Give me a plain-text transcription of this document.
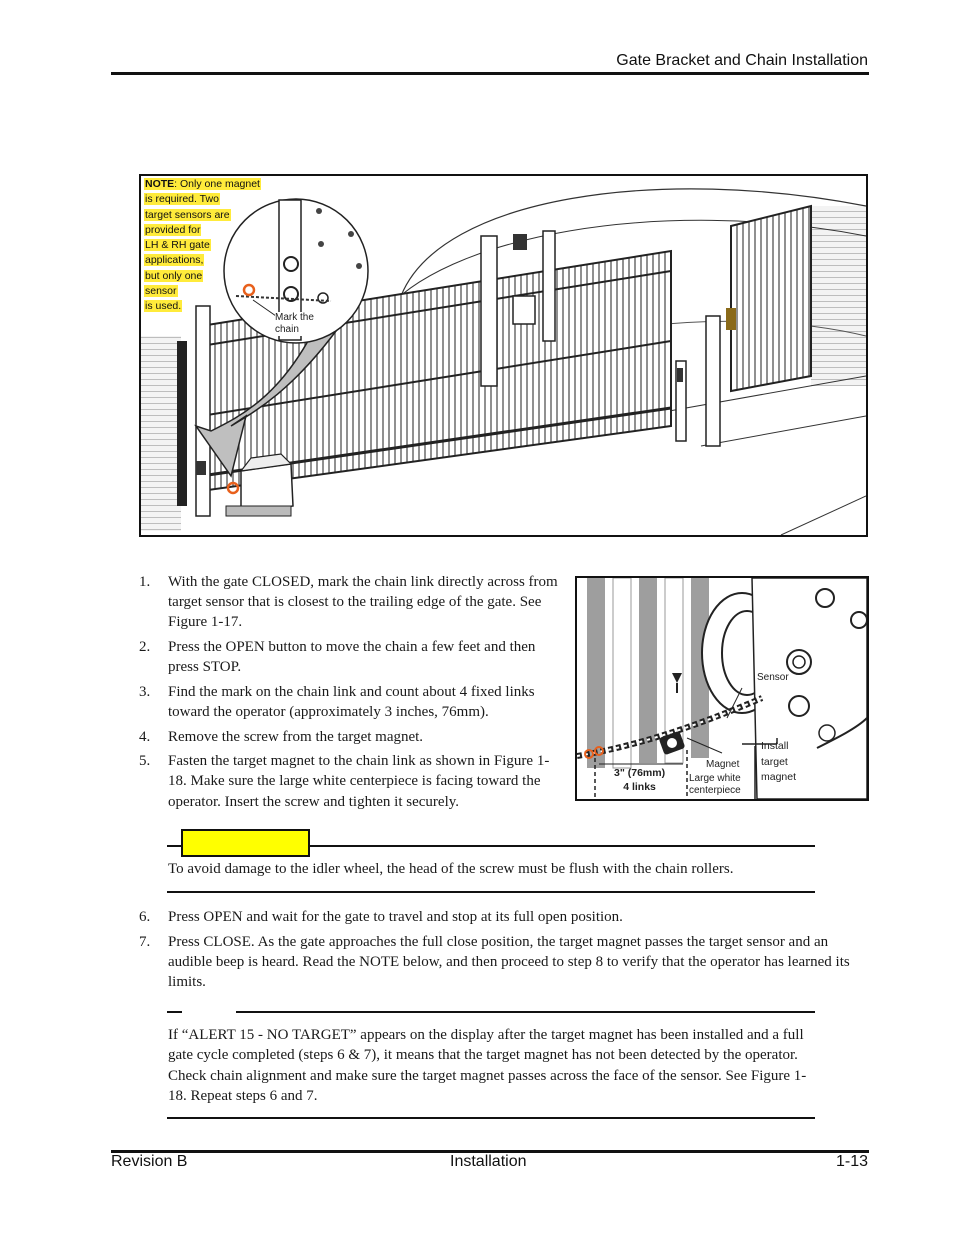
Gate Bracket and Chain Installation
NOTE: Only one magnet
is required. Two
target sensors are
provided for
LH & RH gate
applications,
but only one
sensor
is used.
Mark the
chain
1. With the gate CLOSED, mark the chain link directly across from target sensor that is closest to the trailing edge of the gate. See Figure 1-17.
2. Press the OPEN button to move the chain a few feet and then press STOP.
3. Find the mark on the chain link and count about 4 fixed links toward the operator (approximately 3 inches, 76mm).
4. Remove the screw from the target magnet.
5. Fasten the target magnet to the chain link as shown in Figure 1-18. Make sure the large white centerpiece is facing toward the operator. Insert the screw and tighten it securely.
Sensor
Install
target
magnet
Magnet
Large white
centerpiece
3" (76mm)
4 links
To avoid damage to the idler wheel, the head of the screw must be flush with the chain rollers.
6. Press OPEN and wait for the gate to travel and stop at its full open position.
7. Press CLOSE. As the gate approaches the full close position, the target magnet passes the target sensor and an audible beep is heard. Read the NOTE below, and then proceed to step 8 to verify that the operator has learned its limits.
If “ALERT 15 - NO TARGET” appears on the display after the target magnet has been installed and a full gate cycle completed (steps 6 & 7), it means that the target magnet has not been detected by the operator. Check chain alignment and make sure the target magnet passes across the face of the sensor. See Figure 1-18. Repeat steps 6 and 7.
Revision B	Installation	1-13
